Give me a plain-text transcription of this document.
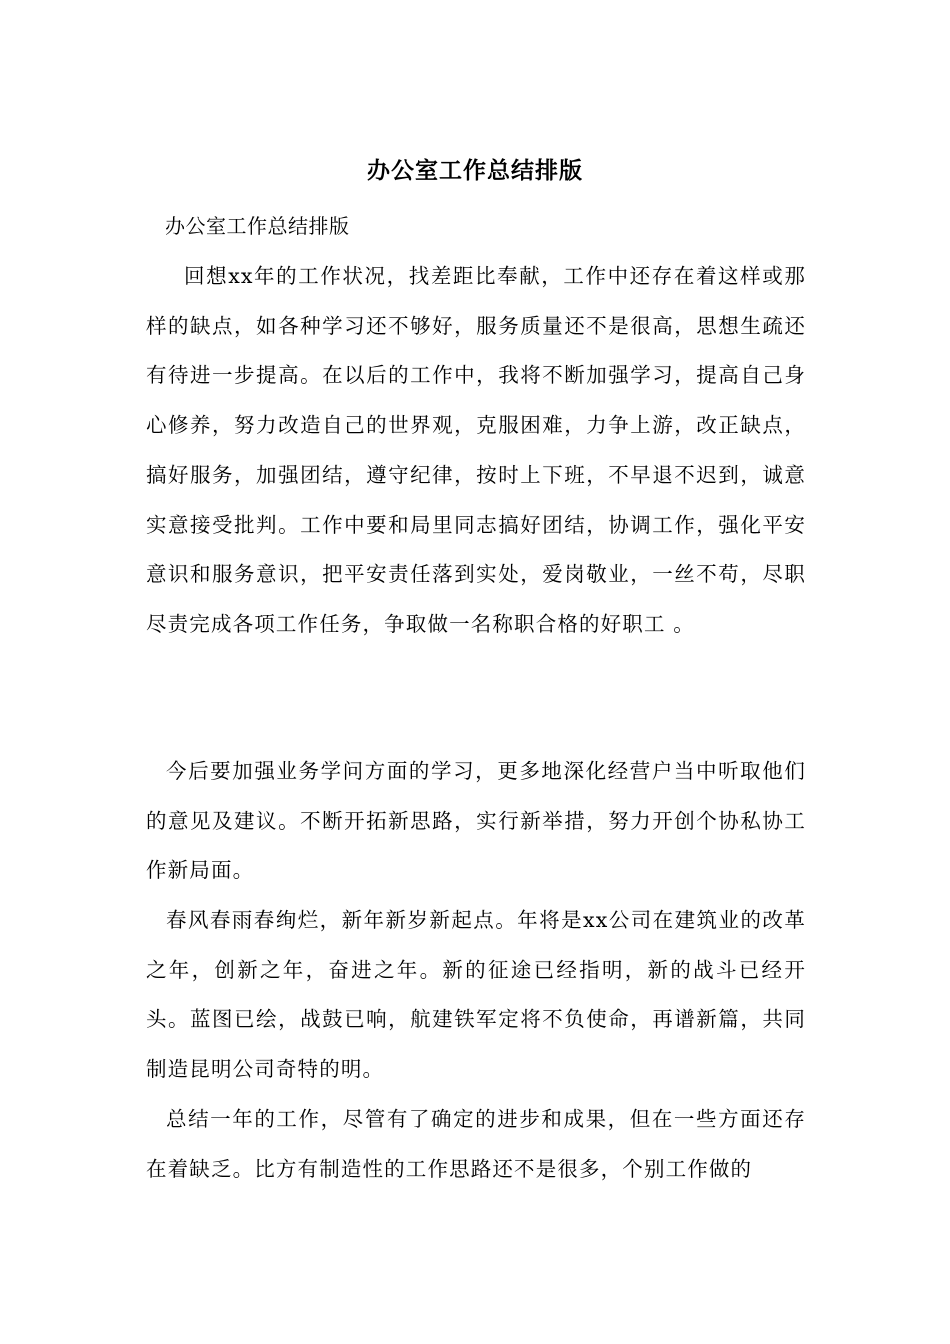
办公室工作总结排版
办公室工作总结排版

回想xx年的工作状况，找差距比奉献，工作中还存在着这样或那样的缺点，如各种学习还不够好，服务质量还不是很高，思想生疏还有待进一步提高。在以后的工作中，我将不断加强学习，提高自己身心修养，努力改造自己的世界观，克服困难，力争上游，改正缺点，搞好服务，加强团结，遵守纪律，按时上下班，不早退不迟到，诚意实意接受批判。工作中要和局里同志搞好团结，协调工作，强化平安意识和服务意识，把平安责任落到实处，爱岗敬业，一丝不苟，尽职尽责完成各项工作任务，争取做一名称职合格的好职工 。

今后要加强业务学问方面的学习，更多地深化经营户当中听取他们的意见及建议。不断开拓新思路，实行新举措，努力开创个协私协工作新局面。

春风春雨春绚烂，新年新岁新起点。年将是xx公司在建筑业的改革之年，创新之年，奋进之年。新的征途已经指明，新的战斗已经开头。蓝图已绘，战鼓已响，航建铁军定将不负使命，再谱新篇，共同制造昆明公司奇特的明。

总结一年的工作，尽管有了确定的进步和成果，但在一些方面还存在着缺乏。比方有制造性的工作思路还不是很多，个别工作做的
